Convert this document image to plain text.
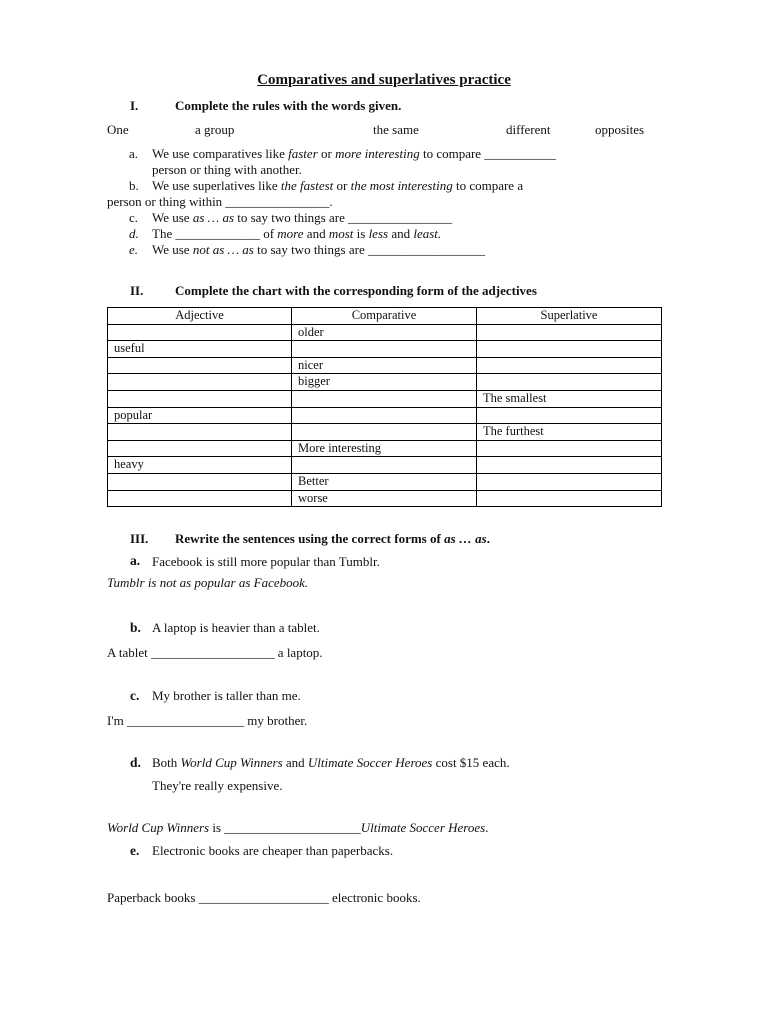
Comparatives and superlatives practice
I.	Complete the rules with the words given.
One	a group	the same	different	opposites
a. We use comparatives like faster or more interesting to compare ___________
person or thing with another.
b. We use superlatives like the fastest or the most interesting to compare a
person or thing within ________________.
c. We use as … as to say two things are ________________
d. The _____________ of more and most is less and least.
e. We use not as … as to say two things are __________________
II. Complete the chart with the corresponding form of the adjectives
Adjective	Comparative	Superlative
	older	
useful		
	nicer	
	bigger	
		The smallest
popular		
		The furthest
	More interesting	
heavy		
	Better	
	worse	
III. Rewrite the sentences using the correct forms of as … as.
a. Facebook is still more popular than Tumblr.
Tumblr is not as popular as Facebook.
b. A laptop is heavier than a tablet.
A tablet ___________________ a laptop.
c. My brother is taller than me.
I'm __________________ my brother.
d. Both World Cup Winners and Ultimate Soccer Heroes cost $15 each.
They're really expensive.
World Cup Winners is _____________________Ultimate Soccer Heroes.
e. Electronic books are cheaper than paperbacks.
Paperback books ____________________ electronic books.
